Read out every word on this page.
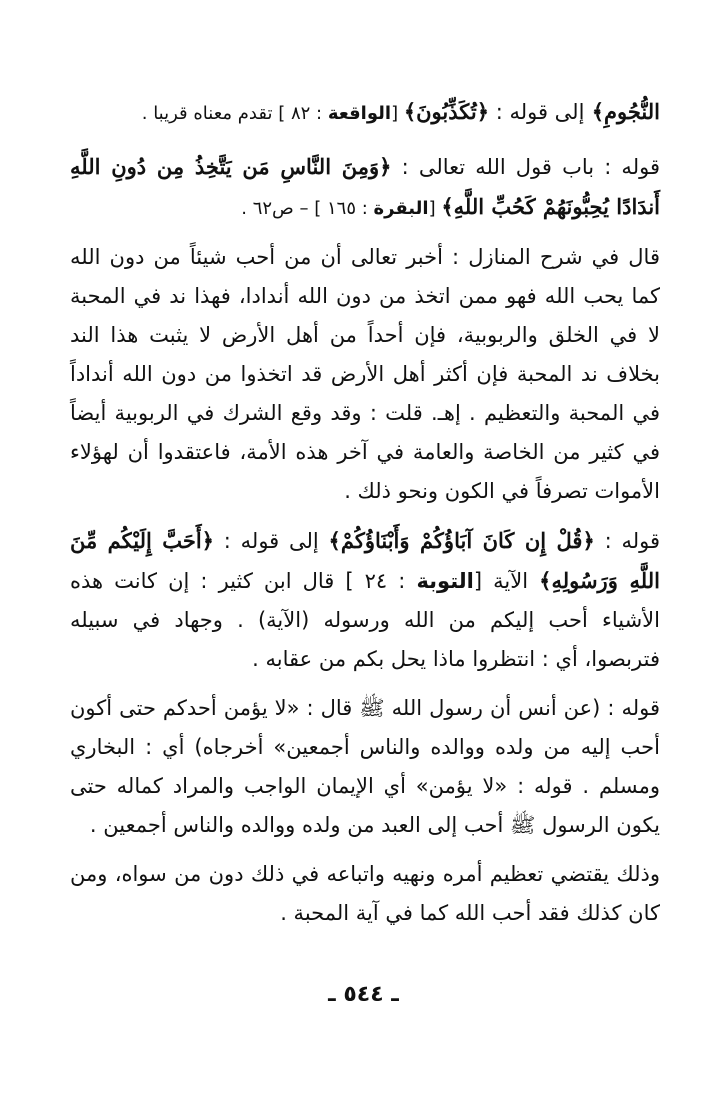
النُّجُومِ﴾ إلى قوله : ﴿تُكَذِّبُونَ﴾ [الواقعة : ٨٢ ] تقدم معناه قريبا .

قوله : باب قول الله تعالى : ﴿وَمِنَ النَّاسِ مَن يَتَّخِذُ مِن دُونِ اللَّهِ أَندَادًا يُحِبُّونَهُمْ كَحُبِّ اللَّهِ﴾ [البقرة : ١٦٥ ] – ص٦٢ .

قال في شرح المنازل : أخبر تعالى أن من أحب شيئاً من دون الله كما يحب الله فهو ممن اتخذ من دون الله أندادا، فهذا ند في المحبة لا في الخلق والربوبية، فإن أحداً من أهل الأرض لا يثبت هذا الند بخلاف ند المحبة فإن أكثر أهل الأرض قد اتخذوا من دون الله أنداداً في المحبة والتعظيم . إهـ. قلت : وقد وقع الشرك في الربوبية أيضاً في كثير من الخاصة والعامة في آخر هذه الأمة، فاعتقدوا أن لهؤلاء الأموات تصرفاً في الكون ونحو ذلك .

قوله : ﴿قُلْ إِن كَانَ آبَاؤُكُمْ وَأَبْنَاؤُكُمْ﴾ إلى قوله : ﴿أَحَبَّ إِلَيْكُم مِّنَ اللَّهِ وَرَسُولِهِ﴾ الآية [التوبة : ٢٤ ] قال ابن كثير : إن كانت هذه الأشياء أحب إليكم من الله ورسوله (الآية) . وجهاد في سبيله فتربصوا، أي : انتظروا ماذا يحل بكم من عقابه .

قوله : (عن أنس أن رسول الله ﷺ قال : «لا يؤمن أحدكم حتى أكون أحب إليه من ولده ووالده والناس أجمعين» أخرجاه) أي : البخاري ومسلم . قوله : «لا يؤمن» أي الإيمان الواجب والمراد كماله حتى يكون الرسول ﷺ أحب إلى العبد من ولده ووالده والناس أجمعين .

وذلك يقتضي تعظيم أمره ونهيه واتباعه في ذلك دون من سواه، ومن كان كذلك فقد أحب الله كما في آية المحبة .

ـ ٥٤٤ ـ
